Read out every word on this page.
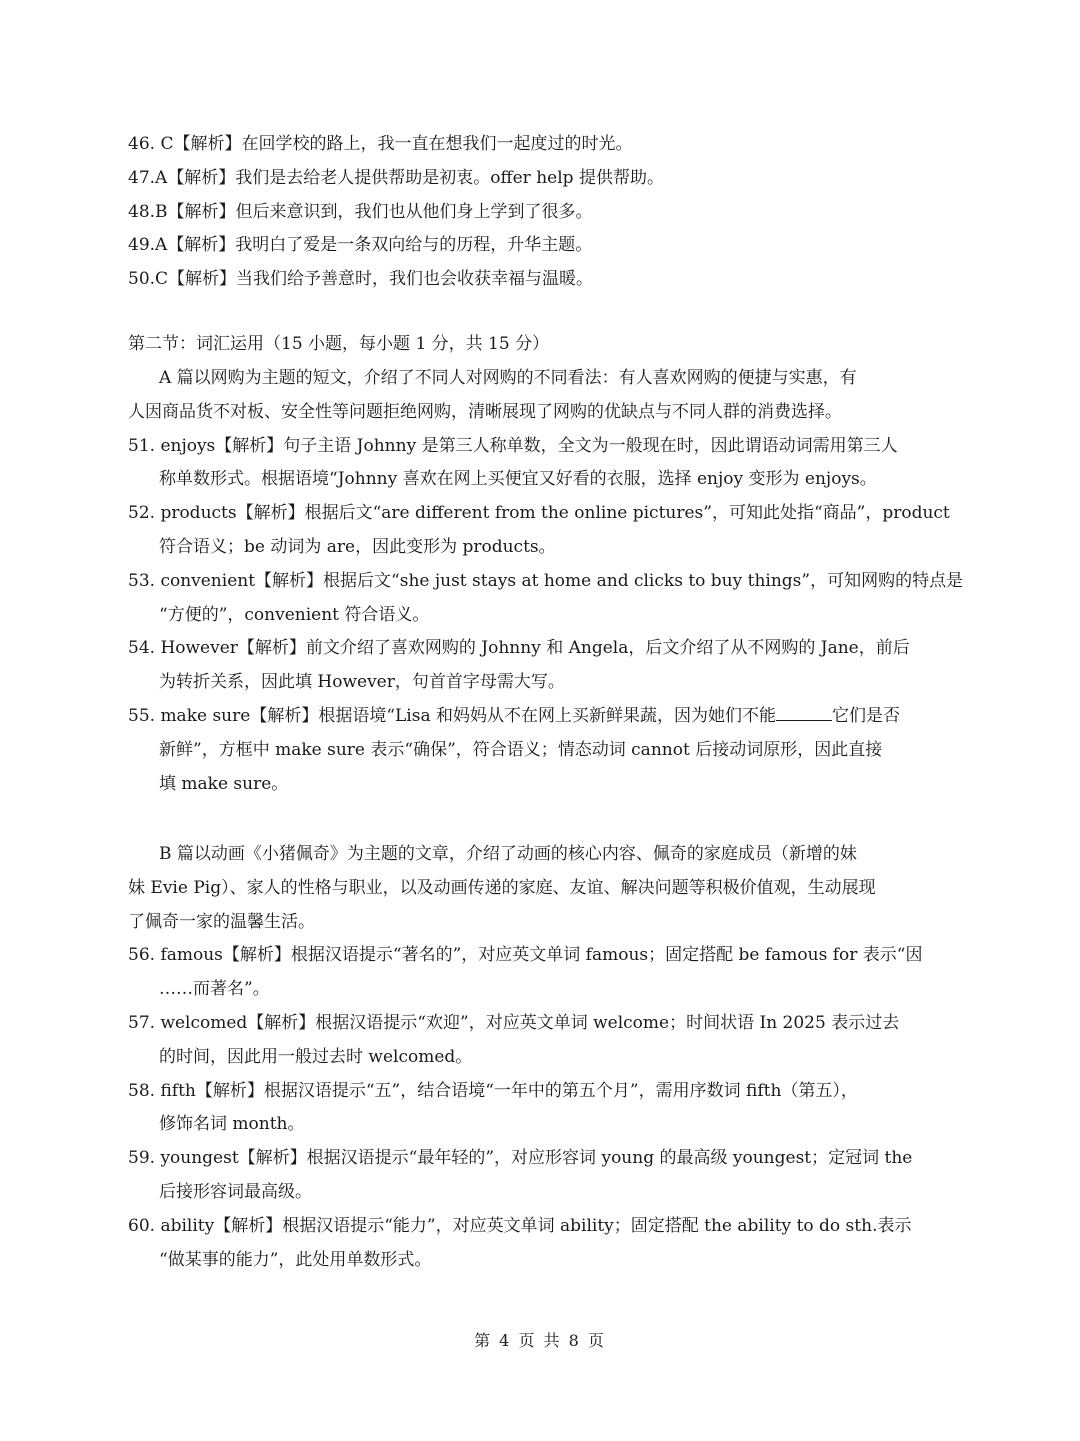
46. C【解析】在回学校的路上，我一直在想我们一起度过的时光。
47.A【解析】我们是去给老人提供帮助是初衷。offer help 提供帮助。
48.B【解析】但后来意识到，我们也从他们身上学到了很多。
49.A【解析】我明白了爱是一条双向给与的历程，升华主题。
50.C【解析】当我们给予善意时，我们也会收获幸福与温暖。
第二节：词汇运用（15 小题，每小题 1 分，共 15 分）
A 篇以网购为主题的短文，介绍了不同人对网购的不同看法：有人喜欢网购的便捷与实惠，有
人因商品货不对板、安全性等问题拒绝网购，清晰展现了网购的优缺点与不同人群的消费选择。
51. enjoys【解析】句子主语 Johnny 是第三人称单数，全文为一般现在时，因此谓语动词需用第三人
称单数形式。根据语境“Johnny 喜欢在网上买便宜又好看的衣服，选择 enjoy 变形为 enjoys。
52. products【解析】根据后文“are different from the online pictures”，可知此处指“商品”，product
符合语义；be 动词为 are，因此变形为 products。
53. convenient【解析】根据后文“she just stays at home and clicks to buy things”，可知网购的特点是
“方便的”，convenient 符合语义。
54. However【解析】前文介绍了喜欢网购的 Johnny 和 Angela，后文介绍了从不网购的 Jane，前后
为转折关系，因此填 However，句首首字母需大写。
55. make sure【解析】根据语境“Lisa 和妈妈从不在网上买新鲜果蔬，因为她们不能	它们是否
新鲜”，方框中 make sure 表示“确保”，符合语义；情态动词 cannot 后接动词原形，因此直接
填 make sure。
B 篇以动画《小猪佩奇》为主题的文章，介绍了动画的核心内容、佩奇的家庭成员（新增的妹
妹 Evie Pig）、家人的性格与职业，以及动画传递的家庭、友谊、解决问题等积极价值观，生动展现
了佩奇一家的温馨生活。
56. famous【解析】根据汉语提示“著名的”，对应英文单词 famous；固定搭配 be famous for 表示“因
……而著名”。
57. welcomed【解析】根据汉语提示“欢迎”，对应英文单词 welcome；时间状语 In 2025 表示过去
的时间，因此用一般过去时 welcomed。
58. fifth【解析】根据汉语提示“五”，结合语境“一年中的第五个月”，需用序数词 fifth（第五），
修饰名词 month。
59. youngest【解析】根据汉语提示“最年轻的”，对应形容词 young 的最高级 youngest；定冠词 the
后接形容词最高级。
60. ability【解析】根据汉语提示“能力”，对应英文单词 ability；固定搭配 the ability to do sth.表示
“做某事的能力”，此处用单数形式。
第 4 页 共 8 页
